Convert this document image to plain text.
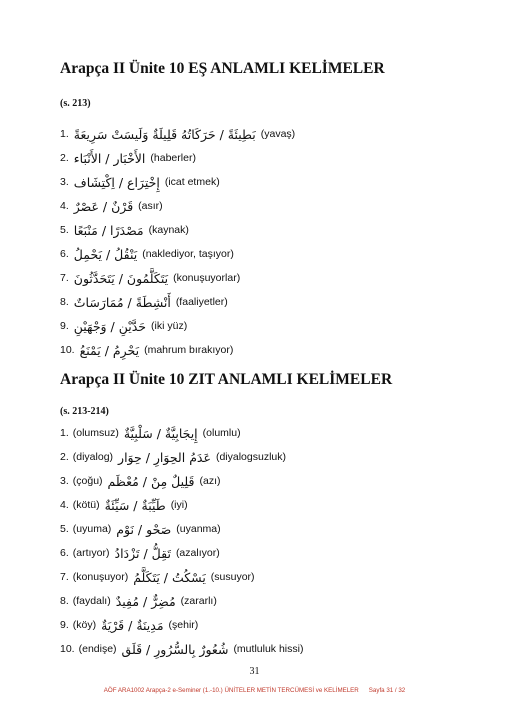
Arapça II Ünite 10 EŞ ANLAMLI KELİMELER
(s. 213)
1. بَطِيئَةً / حَرَكَاتُهُ قَلِيلَةٌ وَلَيسَتْ سَرِيعَةً (yavaş)
2. الأَخْبَار / الأَنْبَاء (haberler)
3. إِخْتِرَاع / اِكْتِشَاف (icat etmek)
4. قَرْنٌ / عَصْرٌ (asır)
5. مَصْدَرًا / مَنْبَعًا (kaynak)
6. يَنْقُلُ / يَحْمِلُ (naklediyor, taşıyor)
7. يَتَكَلَّمُونَ / يَتَحَدَّثُونَ (konuşuyorlar)
8. أَنْشِطَةً / مُمَارَسَاتٌ (faaliyetler)
9. حَدَّيْنِ / وَجْهَيْنِ (iki yüz)
10. يَحْرِمُ / يَمْنَعُ (mahrum bırakıyor)
Arapça II Ünite 10 ZIT ANLAMLI KELİMELER
(s. 213-214)
1. (olumsuz) إِيجَابِيَّةٌ / سَلْبِيَّةٌ (olumlu)
2. (diyalog) عَدَمُ الحِوَارِ / حِوَار (diyalogsuzluk)
3. (çoğu) قَلِيلٌ مِنْ / مُعْظَم (azı)
4. (kötü) طَيِّبَةٌ / سَيِّئَةٌ (iyi)
5. (uyuma) صَحْو / نَوْم (uyanma)
6. (artıyor) تَقِلُّ / تَزْدَادُ (azalıyor)
7. (konuşuyor) يَسْكُتُ / يَتَكَلَّمُ (susuyor)
8. (faydalı) مُضِرٌّ / مُفِيدٌ (zararlı)
9. (köy) مَدِينَةٌ / قَرْيَةٌ (şehir)
10. (endişe) شُعُورٌ بِالسُّرُورِ / قَلَق (mutluluk hissi)
31
AÖF ARA1002 Arapça-2 e-Seminer (1.-10.) ÜNİTELER METİN TERCÜMESİ ve KELİMELER Sayfa 31 / 32
